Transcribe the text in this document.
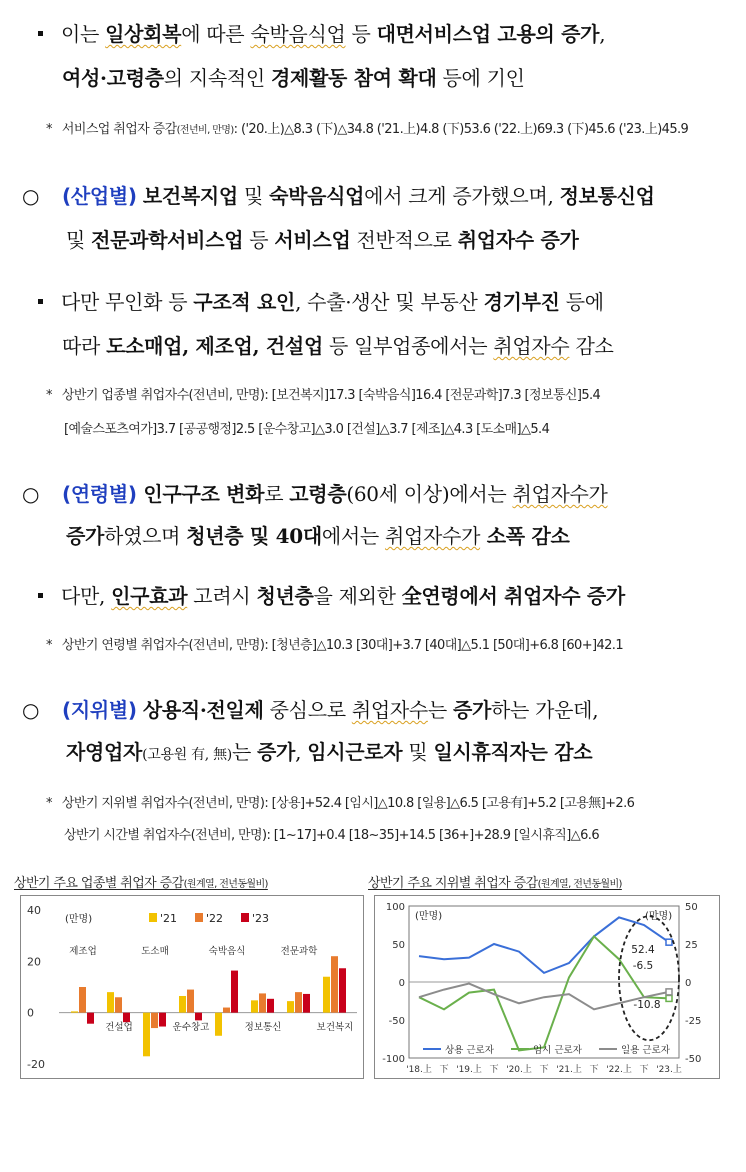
이는 일상회복에 따른 숙박음식업 등 대면서비스업 고용의 증가,
여성·고령층의 지속적인 경제활동 참여 확대 등에 기인
* 서비스업 취업자 증감(전년비, 만명): ('20.上)△8.3 (下)△34.8 ('21.上)4.8 (下)53.6 ('22.上)69.3 (下)45.6 ('23.上)45.9
○ (산업별) 보건복지업 및 숙박음식업에서 크게 증가했으며, 정보통신업
및 전문과학서비스업 등 서비스업 전반적으로 취업자수 증가
다만 무인화 등 구조적 요인, 수출·생산 및 부동산 경기부진 등에
따라 도소매업, 제조업, 건설업 등 일부업종에서는 취업자수 감소
* 상반기 업종별 취업자수(전년비, 만명): [보건복지]17.3 [숙박음식]16.4 [전문과학]7.3 [정보통신]5.4
[예술스포츠여가]3.7 [공공행정]2.5 [운수창고]△3.0 [건설]△3.7 [제조]△4.3 [도소매]△5.4
○ (연령별) 인구구조 변화로 고령층(60세 이상)에서는 취업자수가
증가하였으며 청년층 및 40대에서는 취업자수가 소폭 감소
다만, 인구효과 고려시 청년층을 제외한 全연령에서 취업자수 증가
* 상반기 연령별 취업자수(전년비, 만명): [청년층]△10.3 [30대]+3.7 [40대]△5.1 [50대]+6.8 [60+]42.1
○ (지위별) 상용직·전일제 중심으로 취업자수는 증가하는 가운데,
자영업자(고용원 有, 無)는 증가, 임시근로자 및 일시휴직자는 감소
* 상반기 지위별 취업자수(전년비, 만명): [상용]+52.4 [임시]△10.8 [일용]△6.5 [고용有]+5.2 [고용無]+2.6
상반기 시간별 취업자수(전년비, 만명): [1~17]+0.4 [18~35]+14.5 [36+]+28.9 [일시휴직]△6.6
상반기 주요 업종별 취업자 증감(원계열, 전년동월비)	상반기 주요 지위별 취업자 증감(원계열, 전년동월비)
40
20
0
-20
(만명)	'21	'22	'23
제조업
건설업
도소매
운수창고
숙박음식
정보통신
전문과학
보건복지
100
50
0
-50
-100
50
25
0
-25
-50
(만명)	(만명)
'18.上 下 '19.上 下 '20.上 下 '21.上 下 '22.上 下 '23.上
52.4
-6.5
-10.8
상용 근로자	임시 근로자	일용 근로자
